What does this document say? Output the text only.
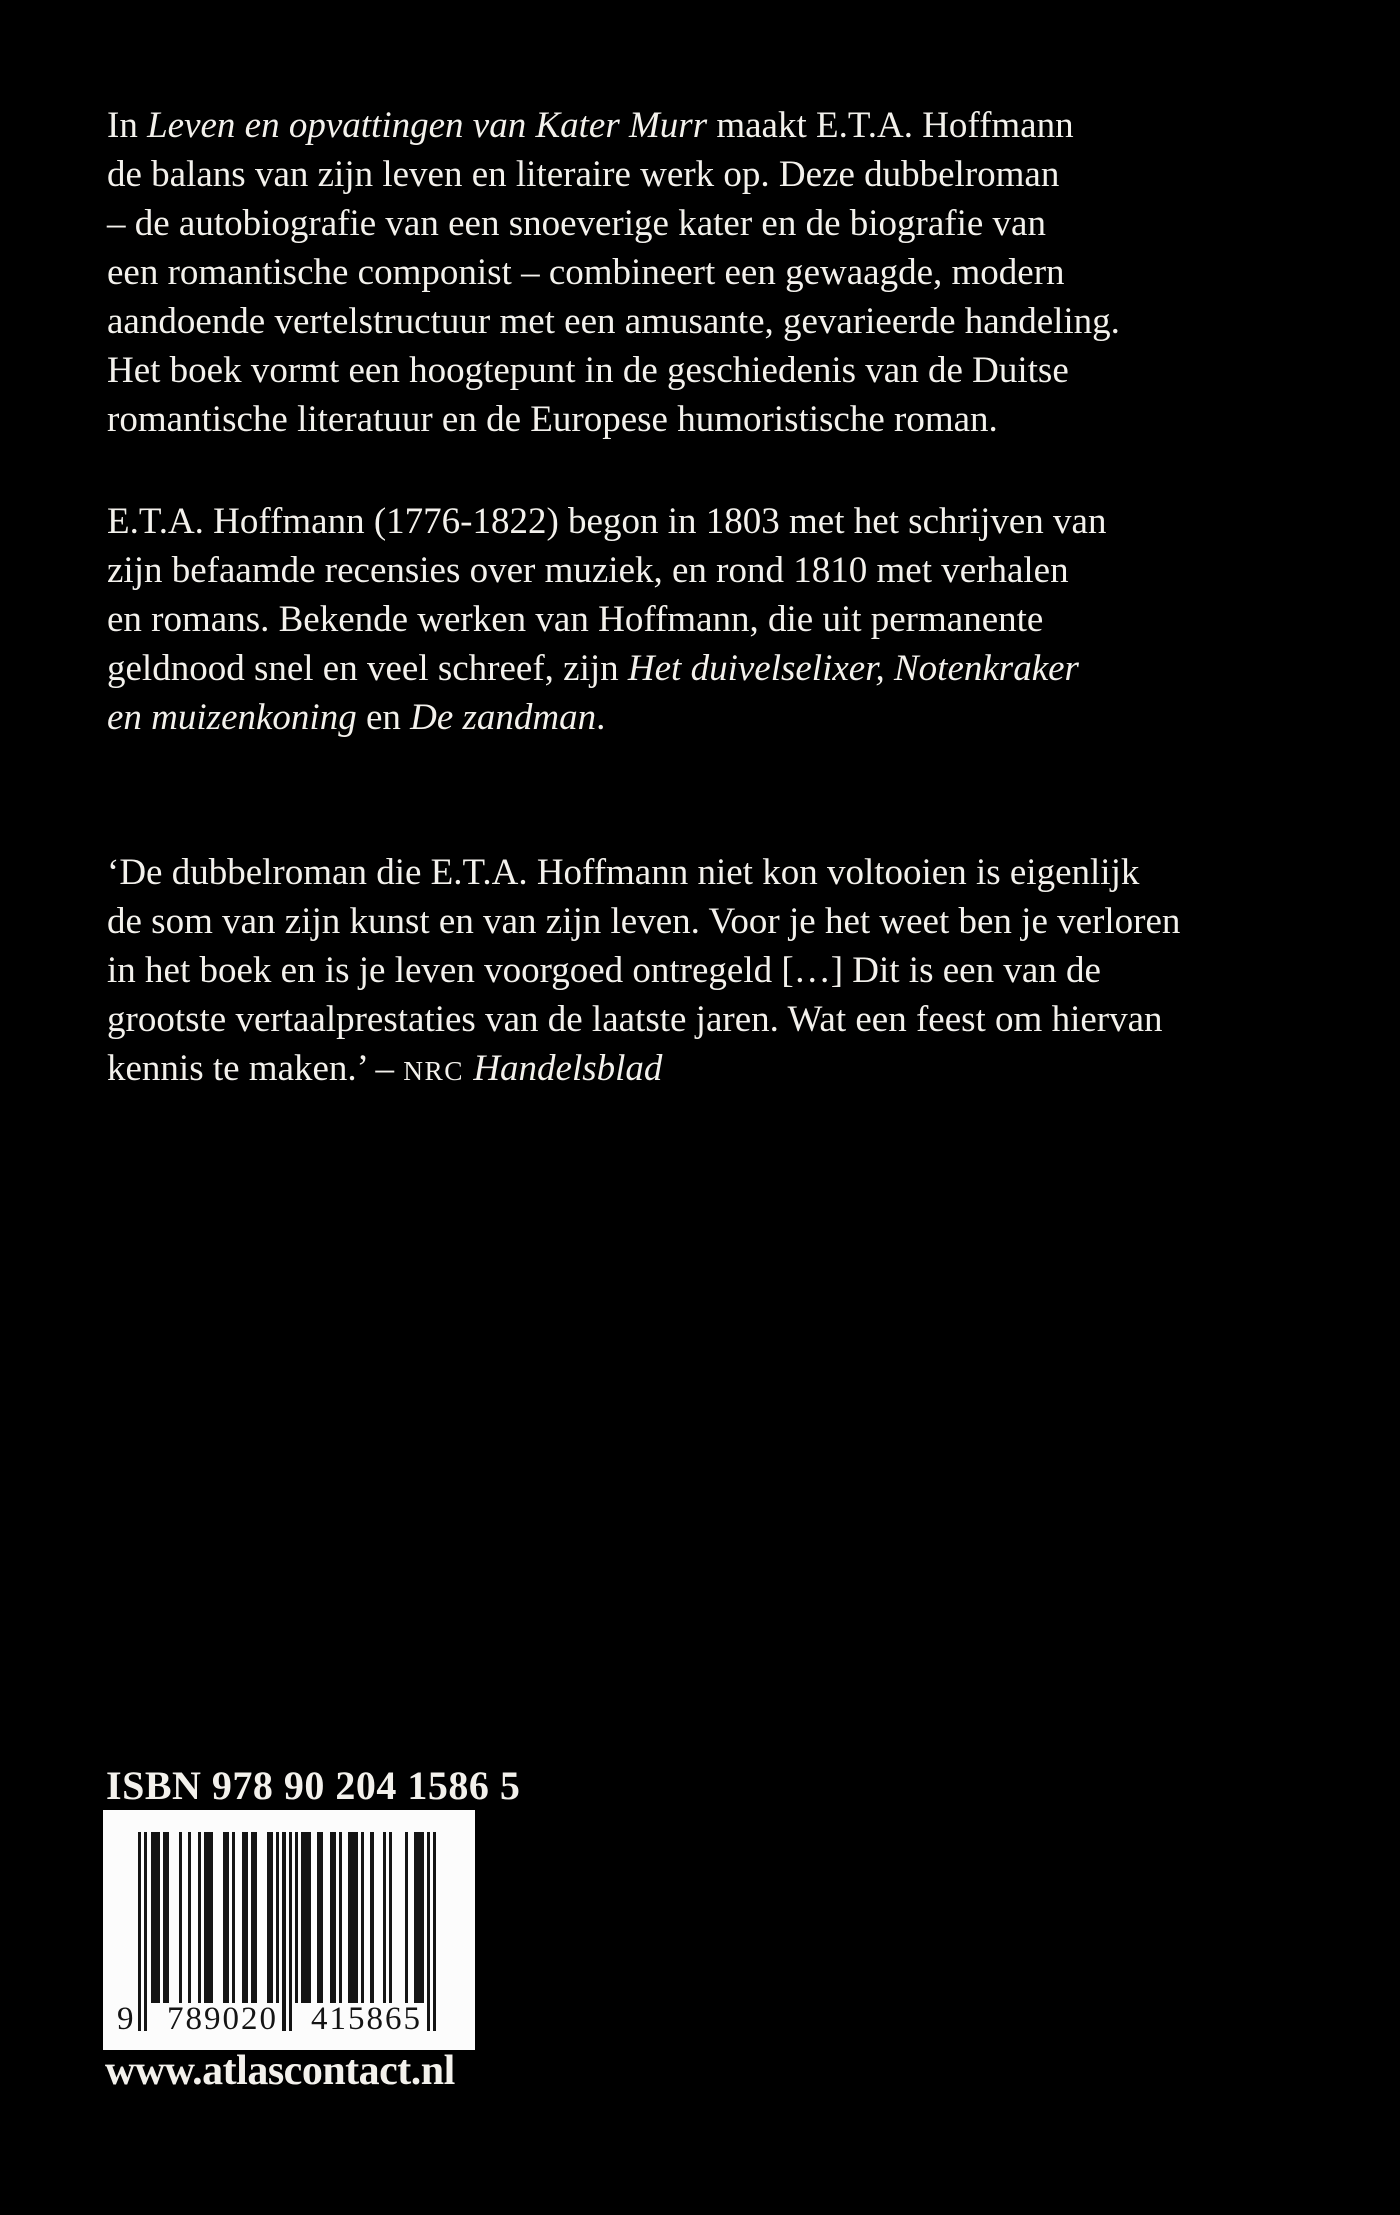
In Leven en opvattingen van Kater Murr maakt E.T.A. Hoffmann
de balans van zijn leven en literaire werk op. Deze dubbelroman
– de autobiografie van een snoeverige kater en de biografie van
een romantische componist – combineert een gewaagde, modern
aandoende vertelstructuur met een amusante, gevarieerde handeling.
Het boek vormt een hoogtepunt in de geschiedenis van de Duitse
romantische literatuur en de Europese humoristische roman.
E.T.A. Hoffmann (1776-1822) begon in 1803 met het schrijven van
zijn befaamde recensies over muziek, en rond 1810 met verhalen
en romans. Bekende werken van Hoffmann, die uit permanente
geldnood snel en veel schreef, zijn Het duivelselixer, Notenkraker
en muizenkoning en De zandman.
‘De dubbelroman die E.T.A. Hoffmann niet kon voltooien is eigenlijk
de som van zijn kunst en van zijn leven. Voor je het weet ben je verloren
in het boek en is je leven voorgoed ontregeld […] Dit is een van de
grootste vertaalprestaties van de laatste jaren. Wat een feest om hiervan
kennis te maken.’ – NRC Handelsblad
ISBN 978 90 204 1586 5
9 789020 415865
www.atlascontact.nl
